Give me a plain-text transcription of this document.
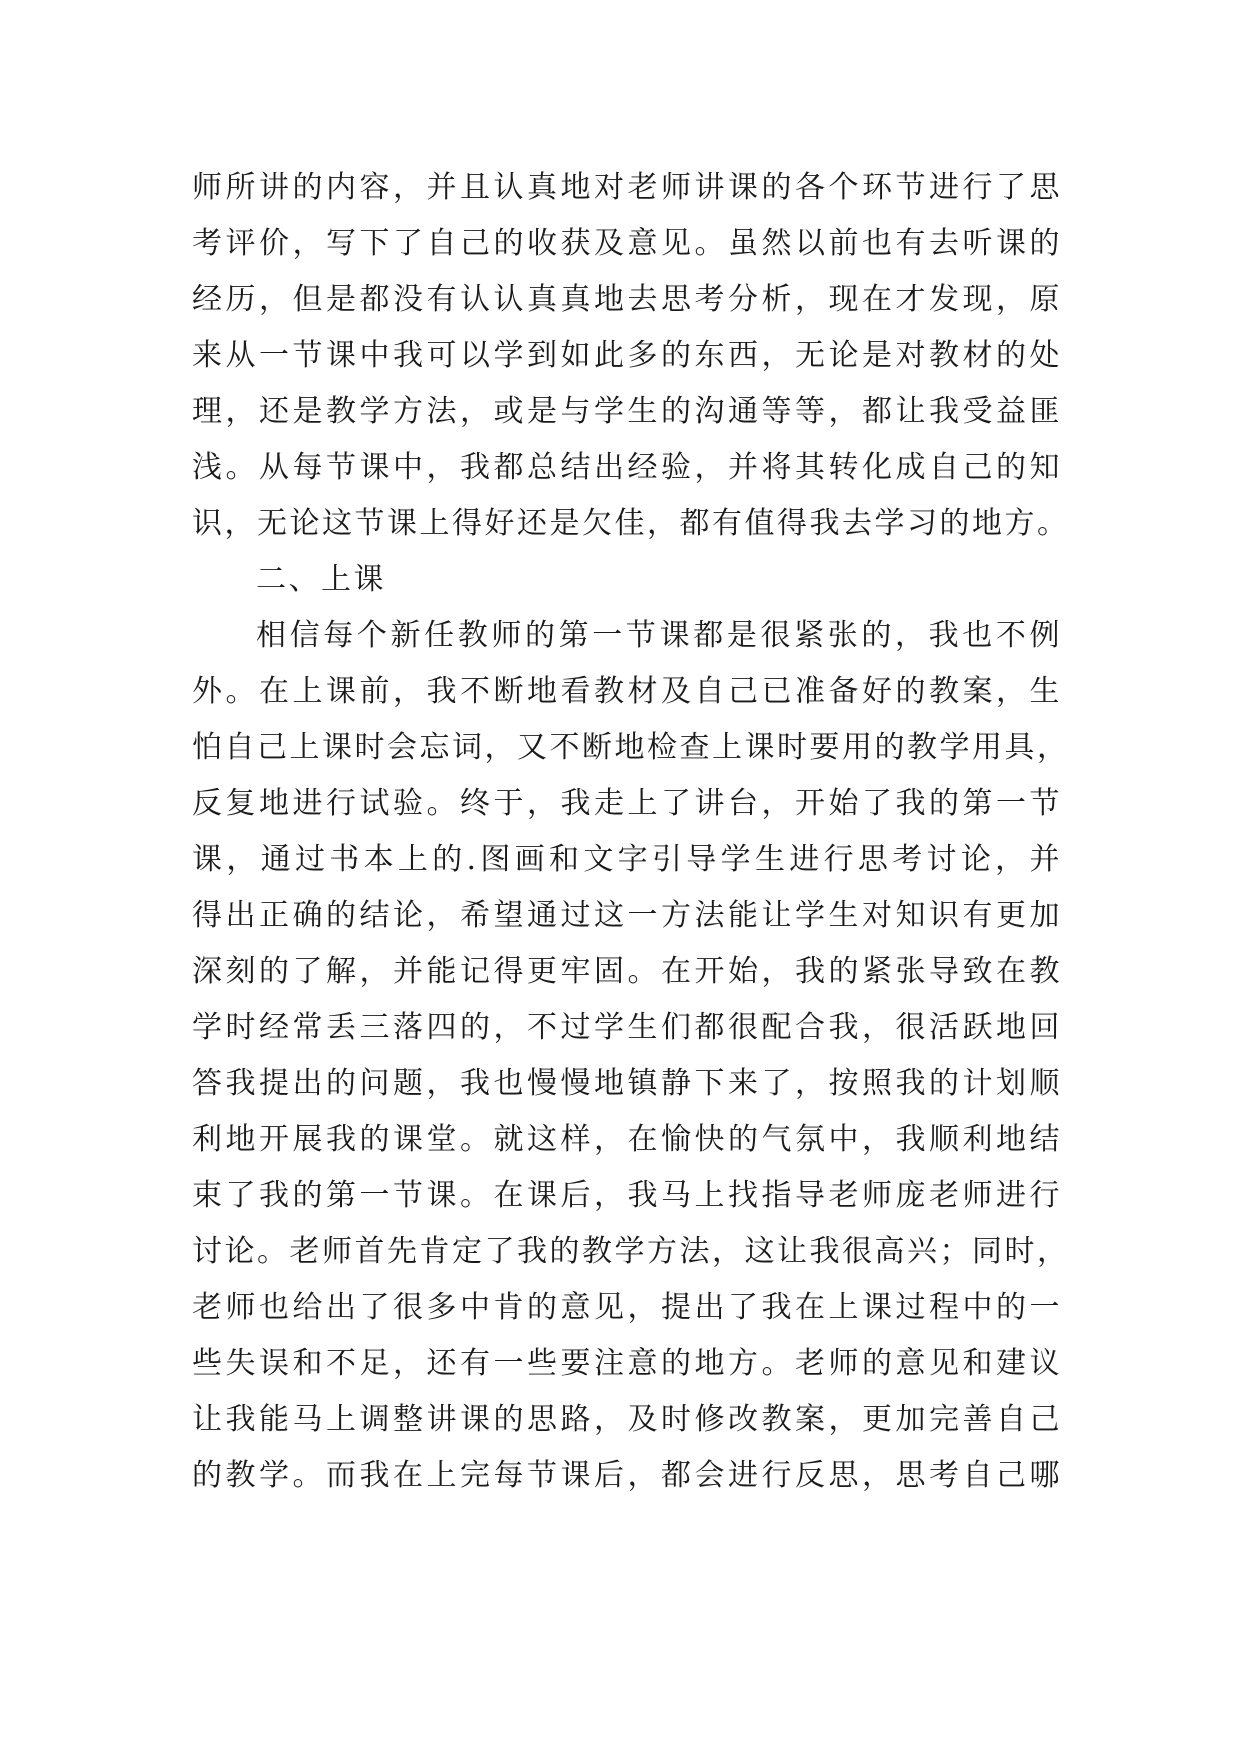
师所讲的内容，并且认真地对老师讲课的各个环节进行了思
考评价，写下了自己的收获及意见。虽然以前也有去听课的
经历，但是都没有认认真真地去思考分析，现在才发现，原
来从一节课中我可以学到如此多的东西，无论是对教材的处
理，还是教学方法，或是与学生的沟通等等，都让我受益匪
浅。从每节课中，我都总结出经验，并将其转化成自己的知
识，无论这节课上得好还是欠佳，都有值得我去学习的地方。
二、上课
相信每个新任教师的第一节课都是很紧张的，我也不例
外。在上课前，我不断地看教材及自己已准备好的教案，生
怕自己上课时会忘词，又不断地检查上课时要用的教学用具，
反复地进行试验。终于，我走上了讲台，开始了我的第一节
课，通过书本上的.图画和文字引导学生进行思考讨论，并
得出正确的结论，希望通过这一方法能让学生对知识有更加
深刻的了解，并能记得更牢固。在开始，我的紧张导致在教
学时经常丢三落四的，不过学生们都很配合我，很活跃地回
答我提出的问题，我也慢慢地镇静下来了，按照我的计划顺
利地开展我的课堂。就这样，在愉快的气氛中，我顺利地结
束了我的第一节课。在课后，我马上找指导老师庞老师进行
讨论。老师首先肯定了我的教学方法，这让我很高兴；同时，
老师也给出了很多中肯的意见，提出了我在上课过程中的一
些失误和不足，还有一些要注意的地方。老师的意见和建议
让我能马上调整讲课的思路，及时修改教案，更加完善自己
的教学。而我在上完每节课后，都会进行反思，思考自己哪
